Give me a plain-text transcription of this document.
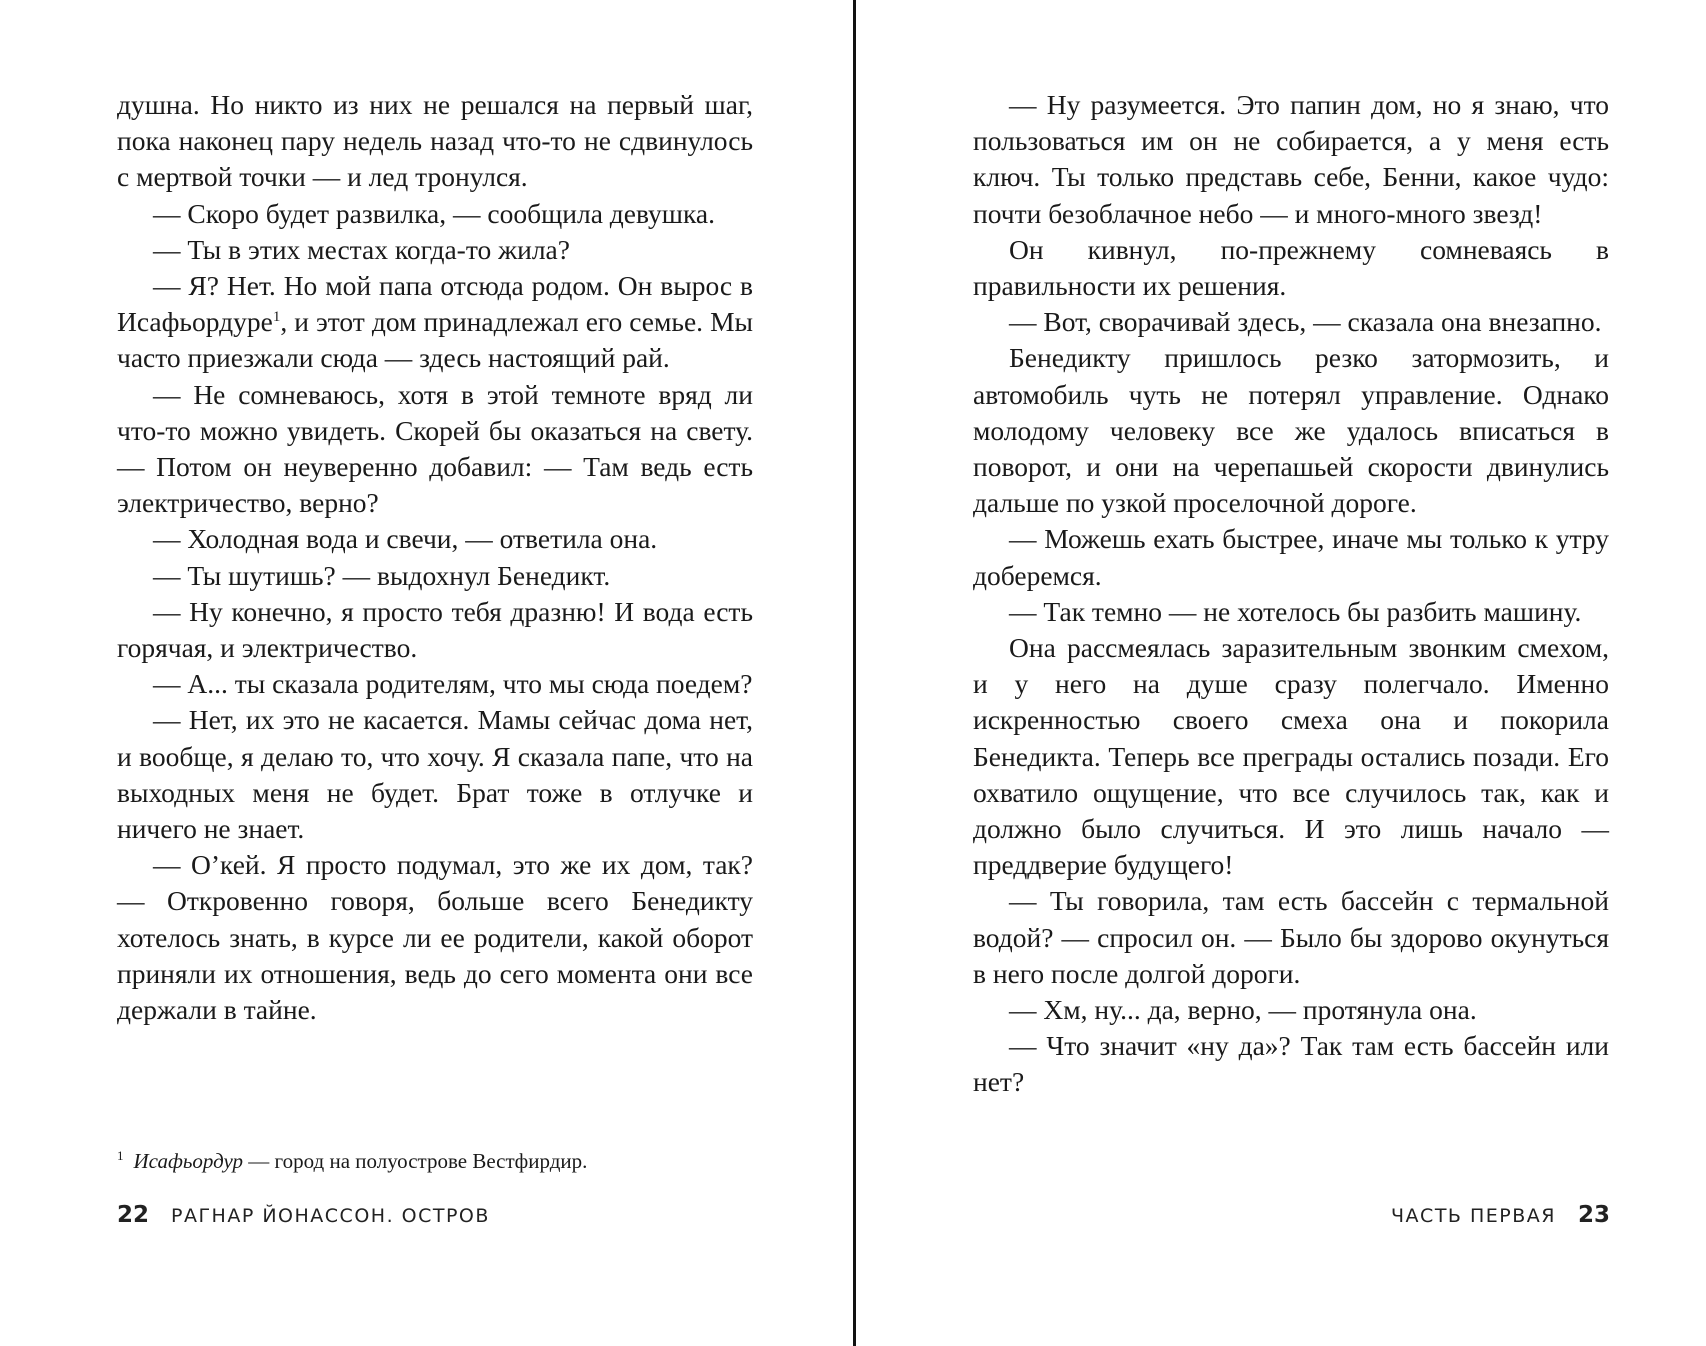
душна. Но никто из них не решался на первый шаг, пока наконец пару недель назад что-то не сдвинулось с мертвой точки — и лед тронулся.

— Скоро будет развилка, — сообщила девушка.

— Ты в этих местах когда-то жила?

— Я? Нет. Но мой папа отсюда родом. Он вырос в Исафьордуре$^1$, и этот дом принадлежал его семье. Мы часто приезжали сюда — здесь настоящий рай.

— Не сомневаюсь, хотя в этой темноте вряд ли что-то можно увидеть. Скорей бы оказаться на свету. — Потом он неуверенно добавил: — Там ведь есть электричество, верно?

— Холодная вода и свечи, — ответила она.

— Ты шутишь? — выдохнул Бенедикт.

— Ну конечно, я просто тебя дразню! И вода есть горячая, и электричество.

— А... ты сказала родителям, что мы сюда поедем?

— Нет, их это не касается. Мамы сейчас дома нет, и вообще, я делаю то, что хочу. Я сказала папе, что на выходных меня не будет. Брат тоже в отлучке и ничего не знает.

— О’кей. Я просто подумал, это же их дом, так? — Откровенно говоря, больше всего Бенедикту хотелось знать, в курсе ли ее родители, какой оборот приняли их отношения, ведь до сего момента они все держали в тайне.

$^1$ Исафьордур — город на полуострове Вестфирдир.
22 РАГНАР ЙОНАССОН. ОСТРОВ

— Ну разумеется. Это папин дом, но я знаю, что пользоваться им он не собирается, а у меня есть ключ. Ты только представь себе, Бенни, какое чудо: почти безоблачное небо — и много-много звезд!

Он кивнул, по-прежнему сомневаясь в правильности их решения.

— Вот, сворачивай здесь, — сказала она внезапно.

Бенедикту пришлось резко затормозить, и автомобиль чуть не потерял управление. Однако молодому человеку все же удалось вписаться в поворот, и они на черепашьей скорости двинулись дальше по узкой проселочной дороге.

— Можешь ехать быстрее, иначе мы только к утру доберемся.

— Так темно — не хотелось бы разбить машину.

Она рассмеялась заразительным звонким смехом, и у него на душе сразу полегчало. Именно искренностью своего смеха она и покорила Бенедикта. Теперь все преграды остались позади. Его охватило ощущение, что все случилось так, как и должно было случиться. И это лишь начало — преддверие будущего!

— Ты говорила, там есть бассейн с термальной водой? — спросил он. — Было бы здорово окунуться в него после долгой дороги.

— Хм, ну... да, верно, — протянула она.

— Что значит «ну да»? Так там есть бассейн или нет?

ЧАСТЬ ПЕРВАЯ 23
